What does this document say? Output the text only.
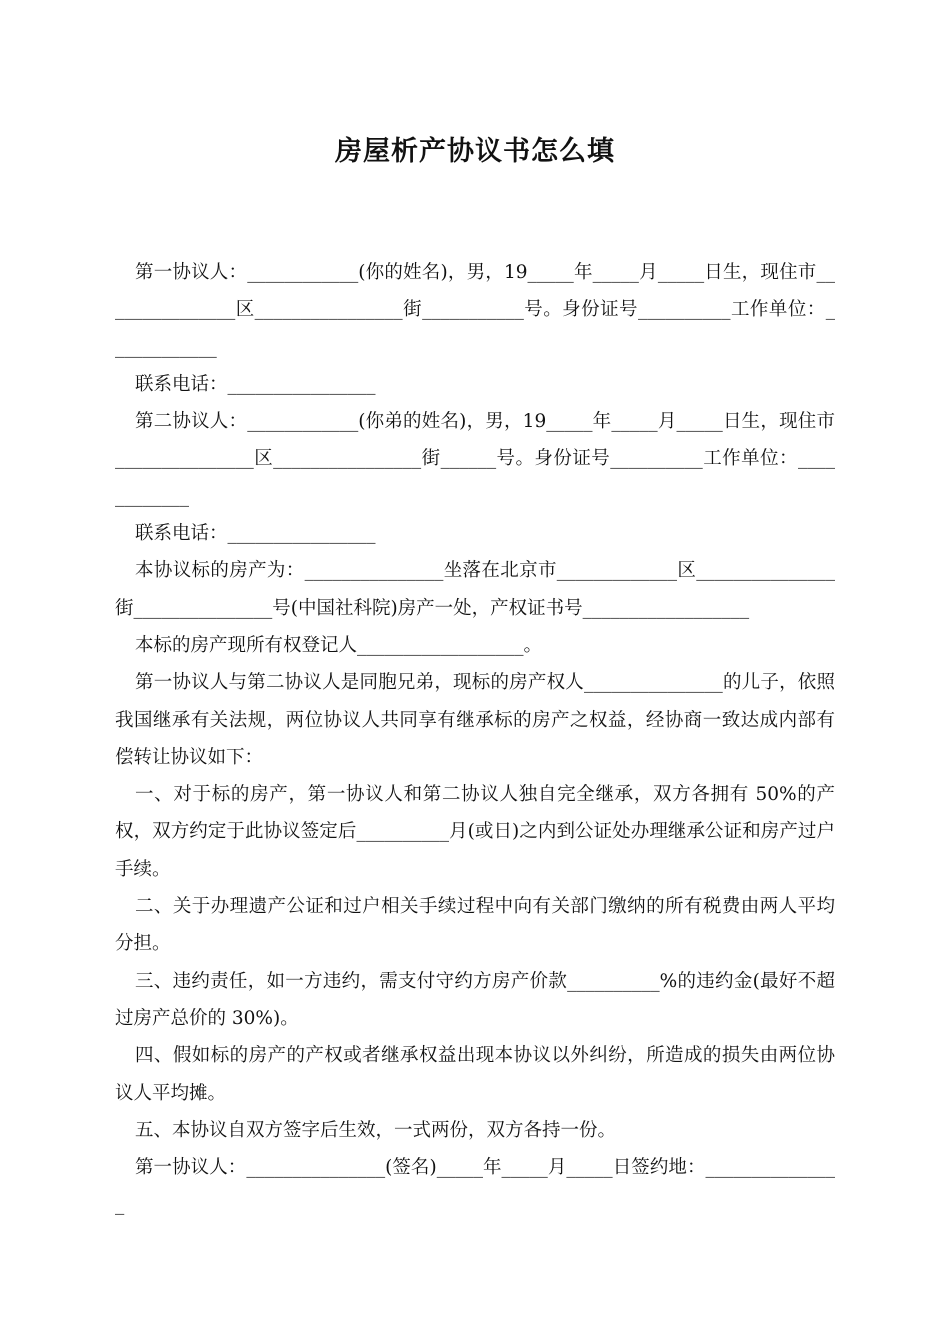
房屋析产协议书怎么填

第一协议人：____________(你的姓名)，男，19_____年_____月_____日生，现住市_______________区________________街___________号。身份证号__________工作单位：____________

联系电话：________________

第二协议人：____________(你弟的姓名)，男，19_____年_____月_____日生，现住市_______________区________________街______号。身份证号__________工作单位：____________

联系电话：________________

本协议标的房产为：_______________坐落在北京市_____________区_______________街_______________号(中国社科院)房产一处，产权证书号__________________

本标的房产现所有权登记人__________________。

第一协议人与第二协议人是同胞兄弟，现标的房产权人_______________的儿子，依照我国继承有关法规，两位协议人共同享有继承标的房产之权益，经协商一致达成内部有偿转让协议如下：

一、对于标的房产，第一协议人和第二协议人独自完全继承，双方各拥有 50%的产权，双方约定于此协议签定后__________月(或日)之内到公证处办理继承公证和房产过户手续。

二、关于办理遗产公证和过户相关手续过程中向有关部门缴纳的所有税费由两人平均分担。

三、违约责任，如一方违约，需支付守约方房产价款__________%的违约金(最好不超过房产总价的 30%)。

四、假如标的房产的产权或者继承权益出现本协议以外纠纷，所造成的损失由两位协议人平均摊。

五、本协议自双方签字后生效，一式两份，双方各持一份。

第一协议人：_______________(签名)_____年_____月_____日签约地：_______________
